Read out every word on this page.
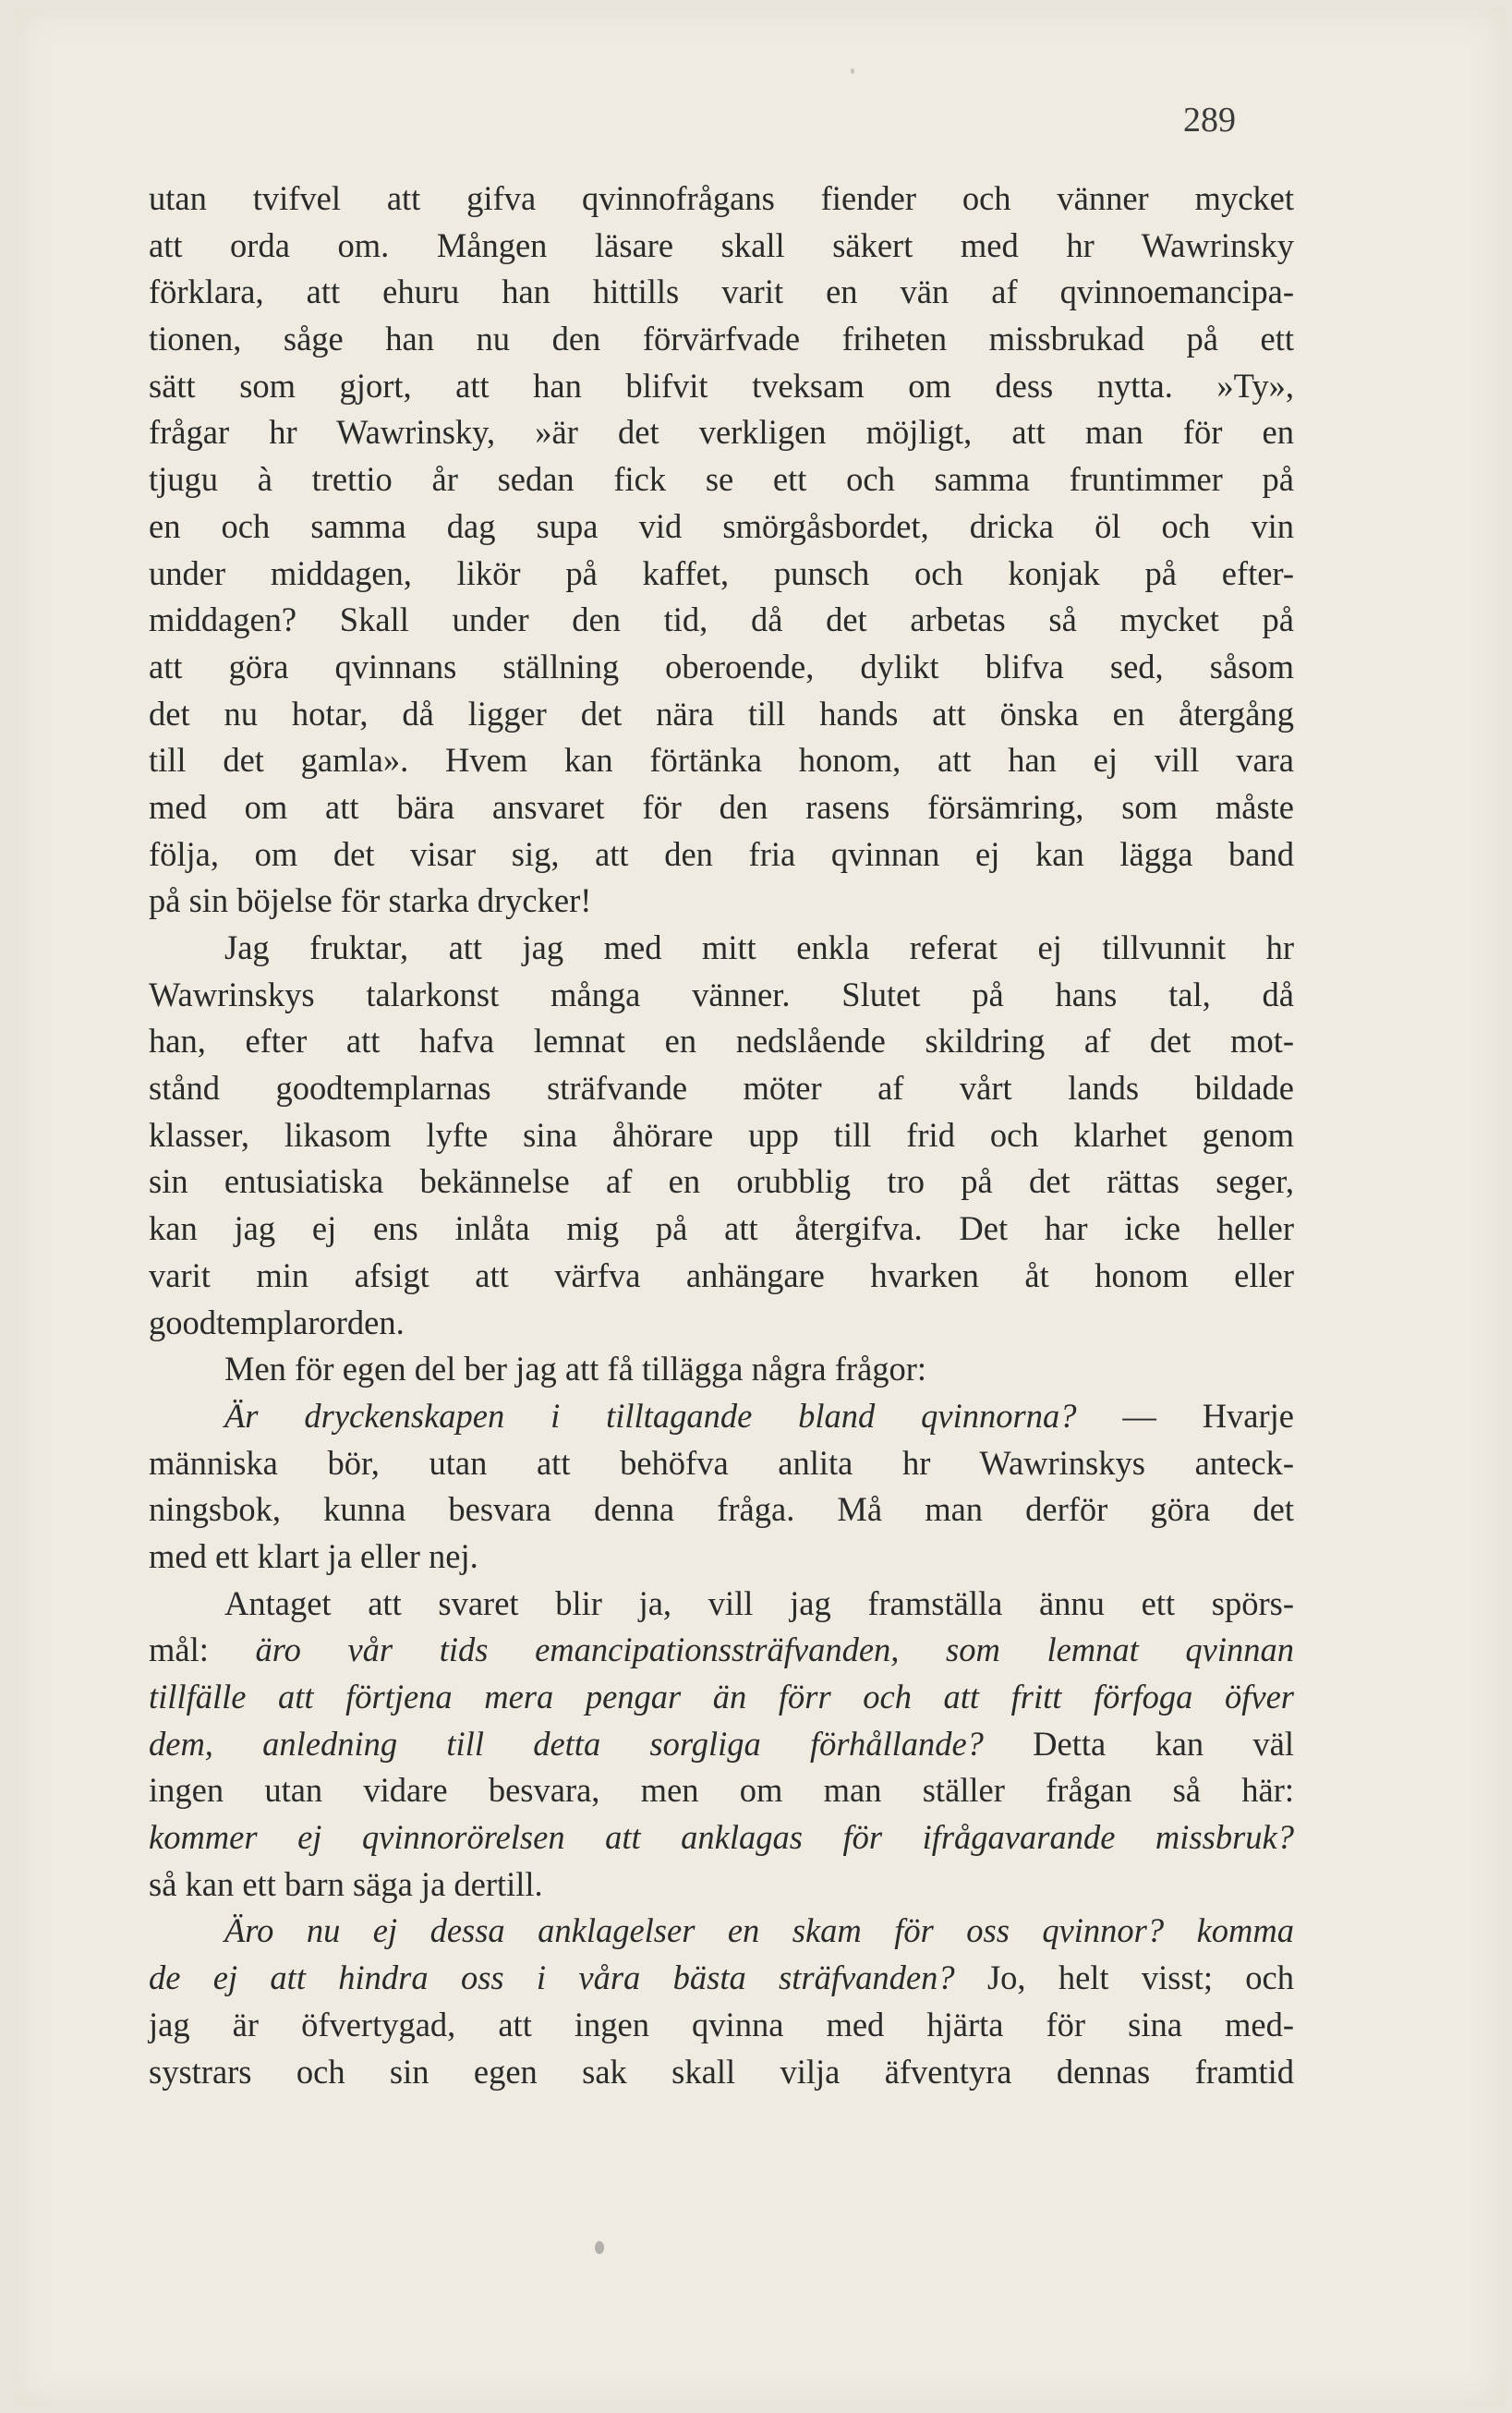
289
utan tvifvel att gifva qvinnofrågans fiender och vänner mycket
att orda om. Mången läsare skall säkert med hr Wawrinsky
förklara, att ehuru han hittills varit en vän af qvinnoemancipa-
tionen, såge han nu den förvärfvade friheten missbrukad på ett
sätt som gjort, att han blifvit tveksam om dess nytta. »Ty»,
frågar hr Wawrinsky, »är det verkligen möjligt, att man för en
tjugu à trettio år sedan fick se ett och samma fruntimmer på
en och samma dag supa vid smörgåsbordet, dricka öl och vin
under middagen, likör på kaffet, punsch och konjak på efter-
middagen? Skall under den tid, då det arbetas så mycket på
att göra qvinnans ställning oberoende, dylikt blifva sed, såsom
det nu hotar, då ligger det nära till hands att önska en återgång
till det gamla». Hvem kan förtänka honom, att han ej vill vara
med om att bära ansvaret för den rasens försämring, som måste
följa, om det visar sig, att den fria qvinnan ej kan lägga band
på sin böjelse för starka drycker!
Jag fruktar, att jag med mitt enkla referat ej tillvunnit hr
Wawrinskys talarkonst många vänner. Slutet på hans tal, då
han, efter att hafva lemnat en nedslående skildring af det mot-
stånd goodtemplarnas sträfvande möter af vårt lands bildade
klasser, likasom lyfte sina åhörare upp till frid och klarhet genom
sin entusiatiska bekännelse af en orubblig tro på det rättas seger,
kan jag ej ens inlåta mig på att återgifva. Det har icke heller
varit min afsigt att värfva anhängare hvarken åt honom eller
goodtemplarorden.
Men för egen del ber jag att få tillägga några frågor:
Är dryckenskapen i tilltagande bland qvinnorna? — Hvarje
människa bör, utan att behöfva anlita hr Wawrinskys anteck-
ningsbok, kunna besvara denna fråga. Må man derför göra det
med ett klart ja eller nej.
Antaget att svaret blir ja, vill jag framställa ännu ett spörs-
mål: äro vår tids emancipationssträfvanden, som lemnat qvinnan
tillfälle att förtjena mera pengar än förr och att fritt förfoga öfver
dem, anledning till detta sorgliga förhållande? Detta kan väl
ingen utan vidare besvara, men om man ställer frågan så här:
kommer ej qvinnorörelsen att anklagas för ifrågavarande missbruk?
så kan ett barn säga ja dertill.
Äro nu ej dessa anklagelser en skam för oss qvinnor? komma
de ej att hindra oss i våra bästa sträfvanden? Jo, helt visst; och
jag är öfvertygad, att ingen qvinna med hjärta för sina med-
systrars och sin egen sak skall vilja äfventyra dennas framtid
